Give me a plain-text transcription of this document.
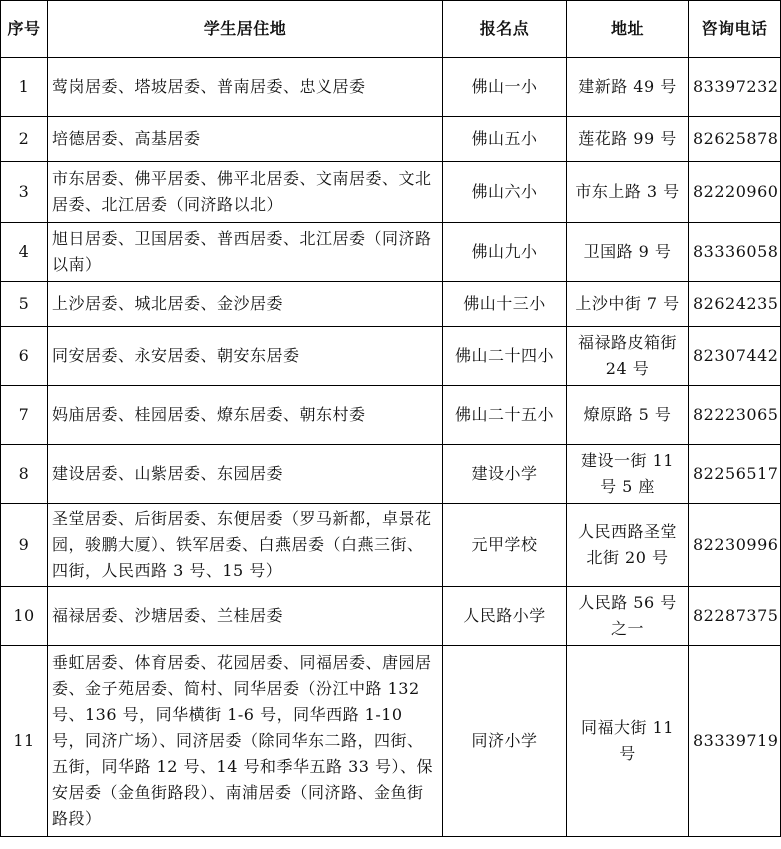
序号	学生居住地	报名点	地址	咨询电话
1	莺岗居委、塔坡居委、普南居委、忠义居委	佛山一小	建新路 49 号	83397232
2	培德居委、高基居委	佛山五小	莲花路 99 号	82625878
3	市东居委、佛平居委、佛平北居委、文南居委、文北居委、北江居委（同济路以北）	佛山六小	市东上路 3 号	82220960
4	旭日居委、卫国居委、普西居委、北江居委（同济路以南）	佛山九小	卫国路 9 号	83336058
5	上沙居委、城北居委、金沙居委	佛山十三小	上沙中街 7 号	82624235
6	同安居委、永安居委、朝安东居委	佛山二十四小	福禄路皮箱街 24 号	82307442
7	妈庙居委、桂园居委、燎东居委、朝东村委	佛山二十五小	燎原路 5 号	82223065
8	建设居委、山紫居委、东园居委	建设小学	建设一街 11 号 5 座	82256517
9	圣堂居委、后街居委、东便居委（罗马新都，卓景花园，骏鹏大厦）、铁军居委、白燕居委（白燕三街、四街，人民西路 3 号、15 号）	元甲学校	人民西路圣堂北街 20 号	82230996
10	福禄居委、沙塘居委、兰桂居委	人民路小学	人民路 56 号之一	82287375
11	垂虹居委、体育居委、花园居委、同福居委、唐园居委、金子苑居委、简村、同华居委（汾江中路 132 号、136 号，同华横街 1-6 号，同华西路 1-10 号，同济广场）、同济居委（除同华东二路，四街、五街，同华路 12 号、14 号和季华五路 33 号）、保安居委（金鱼街路段）、南浦居委（同济路、金鱼街路段）	同济小学	同福大街 11 号	83339719
